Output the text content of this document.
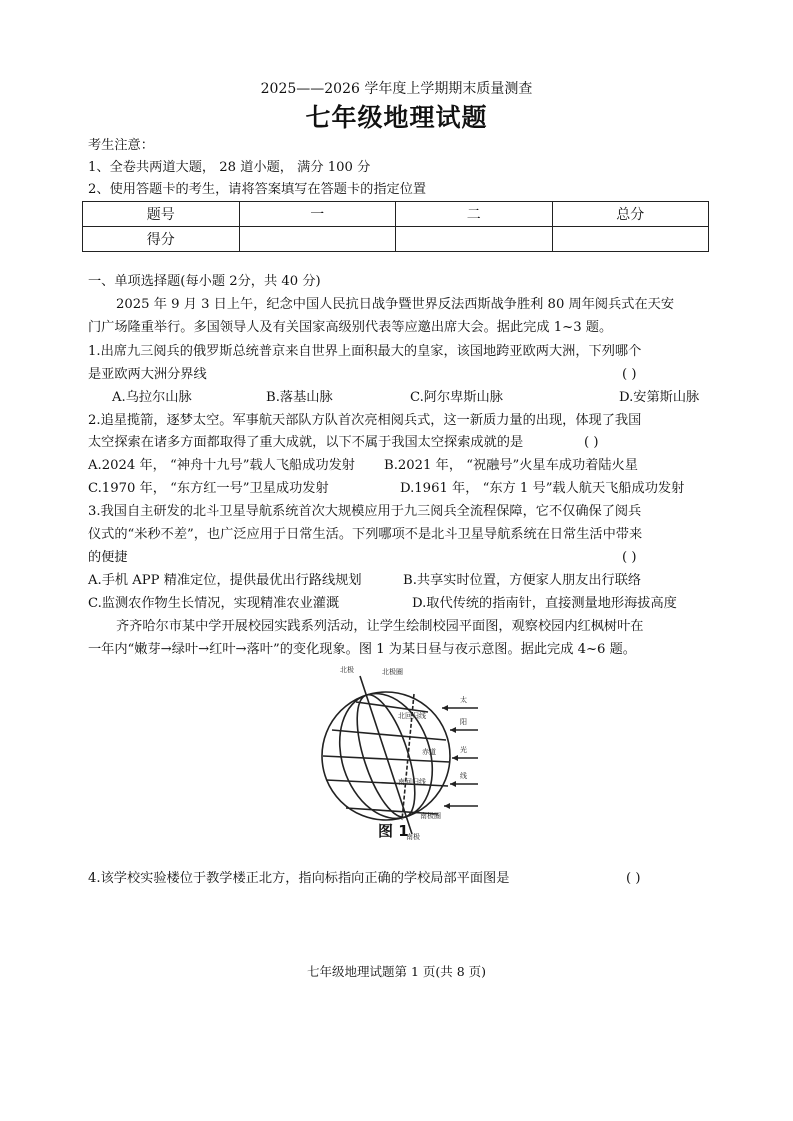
2025——2026 学年度上学期期末质量测查
七年级地理试题
考生注意：
1、全卷共两道大题， 28 道小题， 满分 100 分
2、使用答题卡的考生，请将答案填写在答题卡的指定位置
题号	一	二	总分
得分			
一、单项选择题(每小题 2分，共 40 分)
2025 年 9 月 3 日上午，纪念中国人民抗日战争暨世界反法西斯战争胜利 80 周年阅兵式在天安
门广场隆重举行。多国领导人及有关国家高级别代表等应邀出席大会。据此完成 1~3 题。
1.出席九三阅兵的俄罗斯总统普京来自世界上面积最大的皇家，该国地跨亚欧两大洲，下列哪个
是亚欧两大洲分界线	( )
A.乌拉尔山脉	B.落基山脉	C.阿尔卑斯山脉	D.安第斯山脉
2.追星揽箭，逐梦太空。军事航天部队方队首次亮相阅兵式，这一新质力量的出现，体现了我国
太空探索在诸多方面都取得了重大成就，以下不属于我国太空探索成就的是	( )
A.2024 年， “神舟十九号”载人飞船成功发射 B.2021 年， “祝融号”火星车成功着陆火星
C.1970 年， “东方红一号”卫星成功发射	D.1961 年， “东方 1 号”载人航天飞船成功发射
3.我国自主研发的北斗卫星导航系统首次大规模应用于九三阅兵全流程保障，它不仅确保了阅兵
仪式的“米秒不差”，也广泛应用于日常生活。下列哪项不是北斗卫星导航系统在日常生活中带来
的便捷	( )
A.手机 APP 精准定位，提供最优出行路线规划	B.共享实时位置，方便家人朋友出行联络
C.监测农作物生长情况，实现精准农业灌溉	D.取代传统的指南针，直接测量地形海拔高度
齐齐哈尔市某中学开展校园实践系列活动，让学生绘制校园平面图，观察校园内红枫树叶在
一年内“嫩芽→绿叶→红叶→落叶”的变化现象。图 1 为某日昼与夜示意图。据此完成 4~6 题。
北极	北极圈
太
阳
光
线
北回归线
赤道
南回归线
南极圈
南极
图 1
4.该学校实验楼位于教学楼正北方，指向标指向正确的学校局部平面图是	( )
七年级地理试题第 1 页(共 8 页)
